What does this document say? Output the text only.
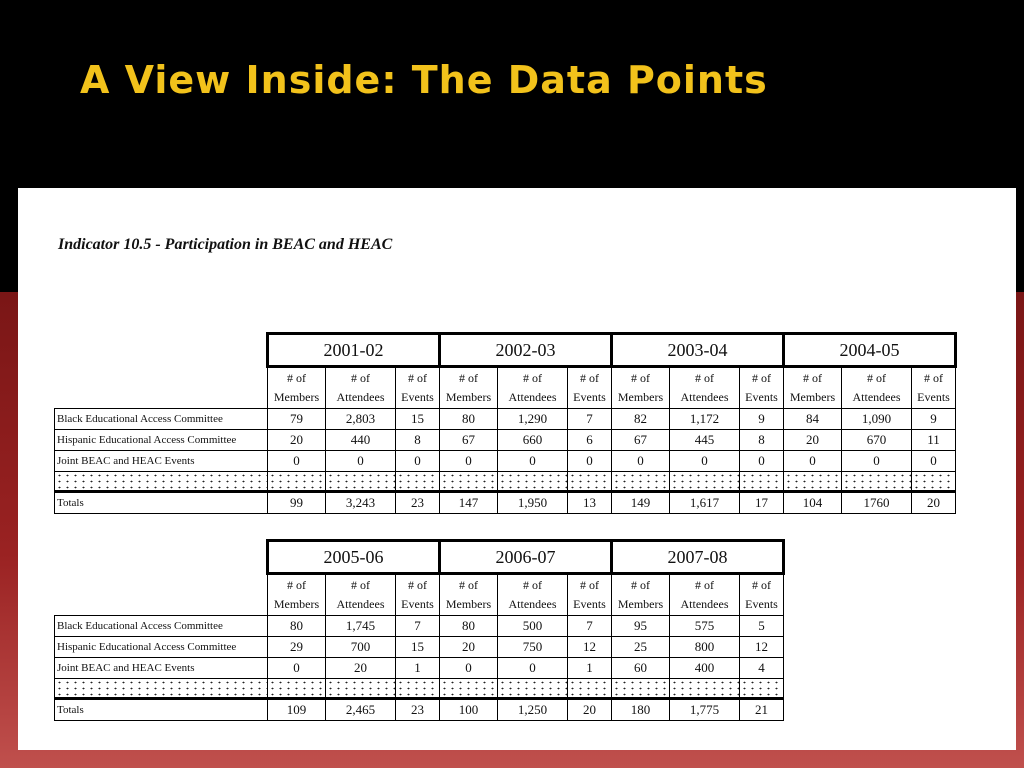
A View Inside: The Data Points
Indicator 10.5 - Participation in BEAC and HEAC
	2001-02			2002-03			2003-04			2004-05		
	# of Members	# of Attendees	# of Events	# of Members	# of Attendees	# of Events	# of Members	# of Attendees	# of Events	# of Members	# of Attendees	# of Events
Black Educational Access Committee	79	2,803	15	80	1,290	7	82	1,172	9	84	1,090	9
Hispanic Educational Access Committee	20	440	8	67	660	6	67	445	8	20	670	11
Joint BEAC and HEAC Events	0	0	0	0	0	0	0	0	0	0	0	0

Totals	99	3,243	23	147	1,950	13	149	1,617	17	104	1760	20
	2005-06			2006-07			2007-08		
	# of Members	# of Attendees	# of Events	# of Members	# of Attendees	# of Events	# of Members	# of Attendees	# of Events
Black Educational Access Committee	80	1,745	7	80	500	7	95	575	5
Hispanic Educational Access Committee	29	700	15	20	750	12	25	800	12
Joint BEAC and HEAC Events	0	20	1	0	0	1	60	400	4

Totals	109	2,465	23	100	1,250	20	180	1,775	21
